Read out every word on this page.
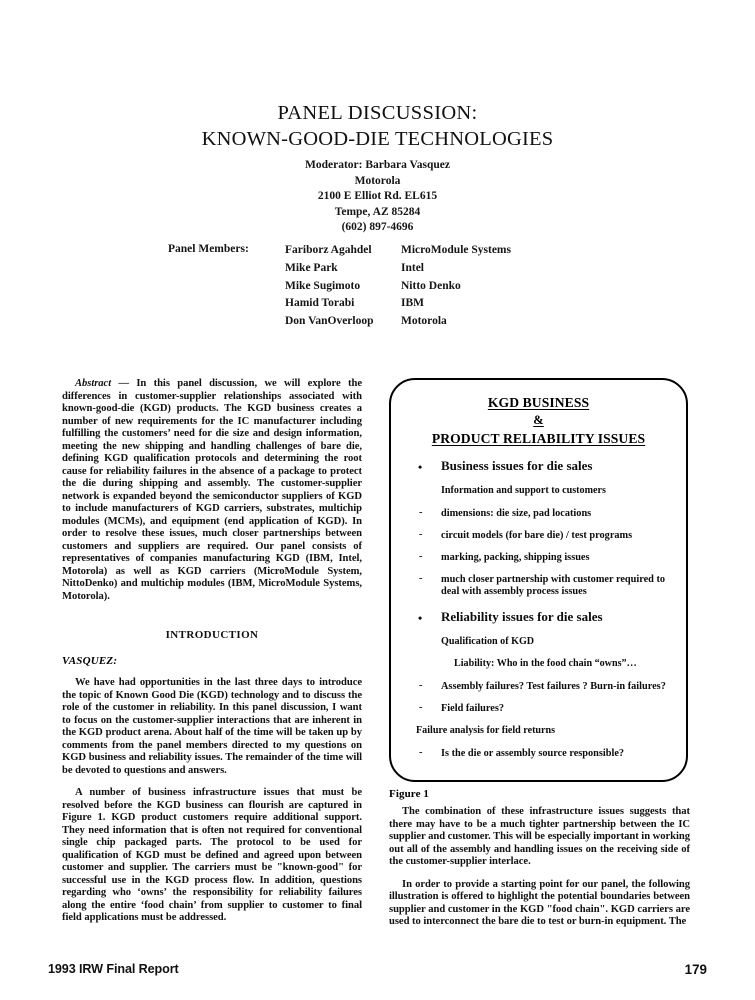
PANEL DISCUSSION:
KNOWN-GOOD-DIE TECHNOLOGIES
Moderator: Barbara Vasquez
Motorola
2100 E Elliot Rd. EL615
Tempe, AZ 85284
(602) 897-4696
Panel Members:	Fariborz Agahdel	MicroModule Systems
Mike Park	Intel
Mike Sugimoto	Nitto Denko
Hamid Torabi	IBM
Don VanOverloop	Motorola

Abstract — In this panel discussion, we will explore the differences in customer-supplier relationships associated with known-good-die (KGD) products. The KGD business creates a number of new requirements for the IC manufacturer including fulfilling the customers’ need for die size and design information, meeting the new shipping and handling challenges of bare die, defining KGD qualification protocols and determining the root cause for reliability failures in the absence of a package to protect the die during shipping and assembly. The customer-supplier network is expanded beyond the semiconductor suppliers of KGD to include manufacturers of KGD carriers, substrates, multichip modules (MCMs), and equipment (end application of KGD). In order to resolve these issues, much closer partnerships between customers and suppliers are required. Our panel consists of representatives of companies manufacturing KGD (IBM, Intel, Motorola) as well as KGD carriers (MicroModule System, NittoDenko) and multichip modules (IBM, MicroModule Systems, Motorola).

INTRODUCTION
VASQUEZ:

We have had opportunities in the last three days to introduce the topic of Known Good Die (KGD) technology and to discuss the role of the customer in reliability. In this panel discussion, I want to focus on the customer-supplier interactions that are inherent in the KGD product arena. About half of the time will be taken up by comments from the panel members directed to my questions on KGD business and reliability issues. The remainder of the time will be devoted to questions and answers.

A number of business infrastructure issues that must be resolved before the KGD business can flourish are captured in Figure 1. KGD product customers require additional support. They need information that is often not required for conventional single chip packaged parts. The protocol to be used for qualification of KGD must be defined and agreed upon between customer and supplier. The carriers must be "known-good" for successful use in the KGD process flow. In addition, questions regarding who ‘owns’ the responsibility for reliability failures along the entire ‘food chain’ from supplier to customer to final field applications must be addressed.

KGD BUSINESS
&
PRODUCT RELIABILITY ISSUES
• Business issues for die sales
Information and support to customers
- dimensions: die size, pad locations
- circuit models (for bare die) / test programs
- marking, packing, shipping issues
- much closer partnership with customer required to deal with assembly process issues
• Reliability issues for die sales
Qualification of KGD
Liability: Who in the food chain “owns”…
- Assembly failures? Test failures ? Burn-in failures?
- Field failures?
Failure analysis for field returns
- Is the die or assembly source responsible?
Figure 1

The combination of these infrastructure issues suggests that there may have to be a much tighter partnership between the IC supplier and customer. This will be especially important in working out all of the assembly and handling issues on the receiving side of the customer-supplier interlace.

In order to provide a starting point for our panel, the following illustration is offered to highlight the potential boundaries between supplier and customer in the KGD "food chain". KGD carriers are used to interconnect the bare die to test or burn-in equipment. The

1993 IRW Final Report	179
